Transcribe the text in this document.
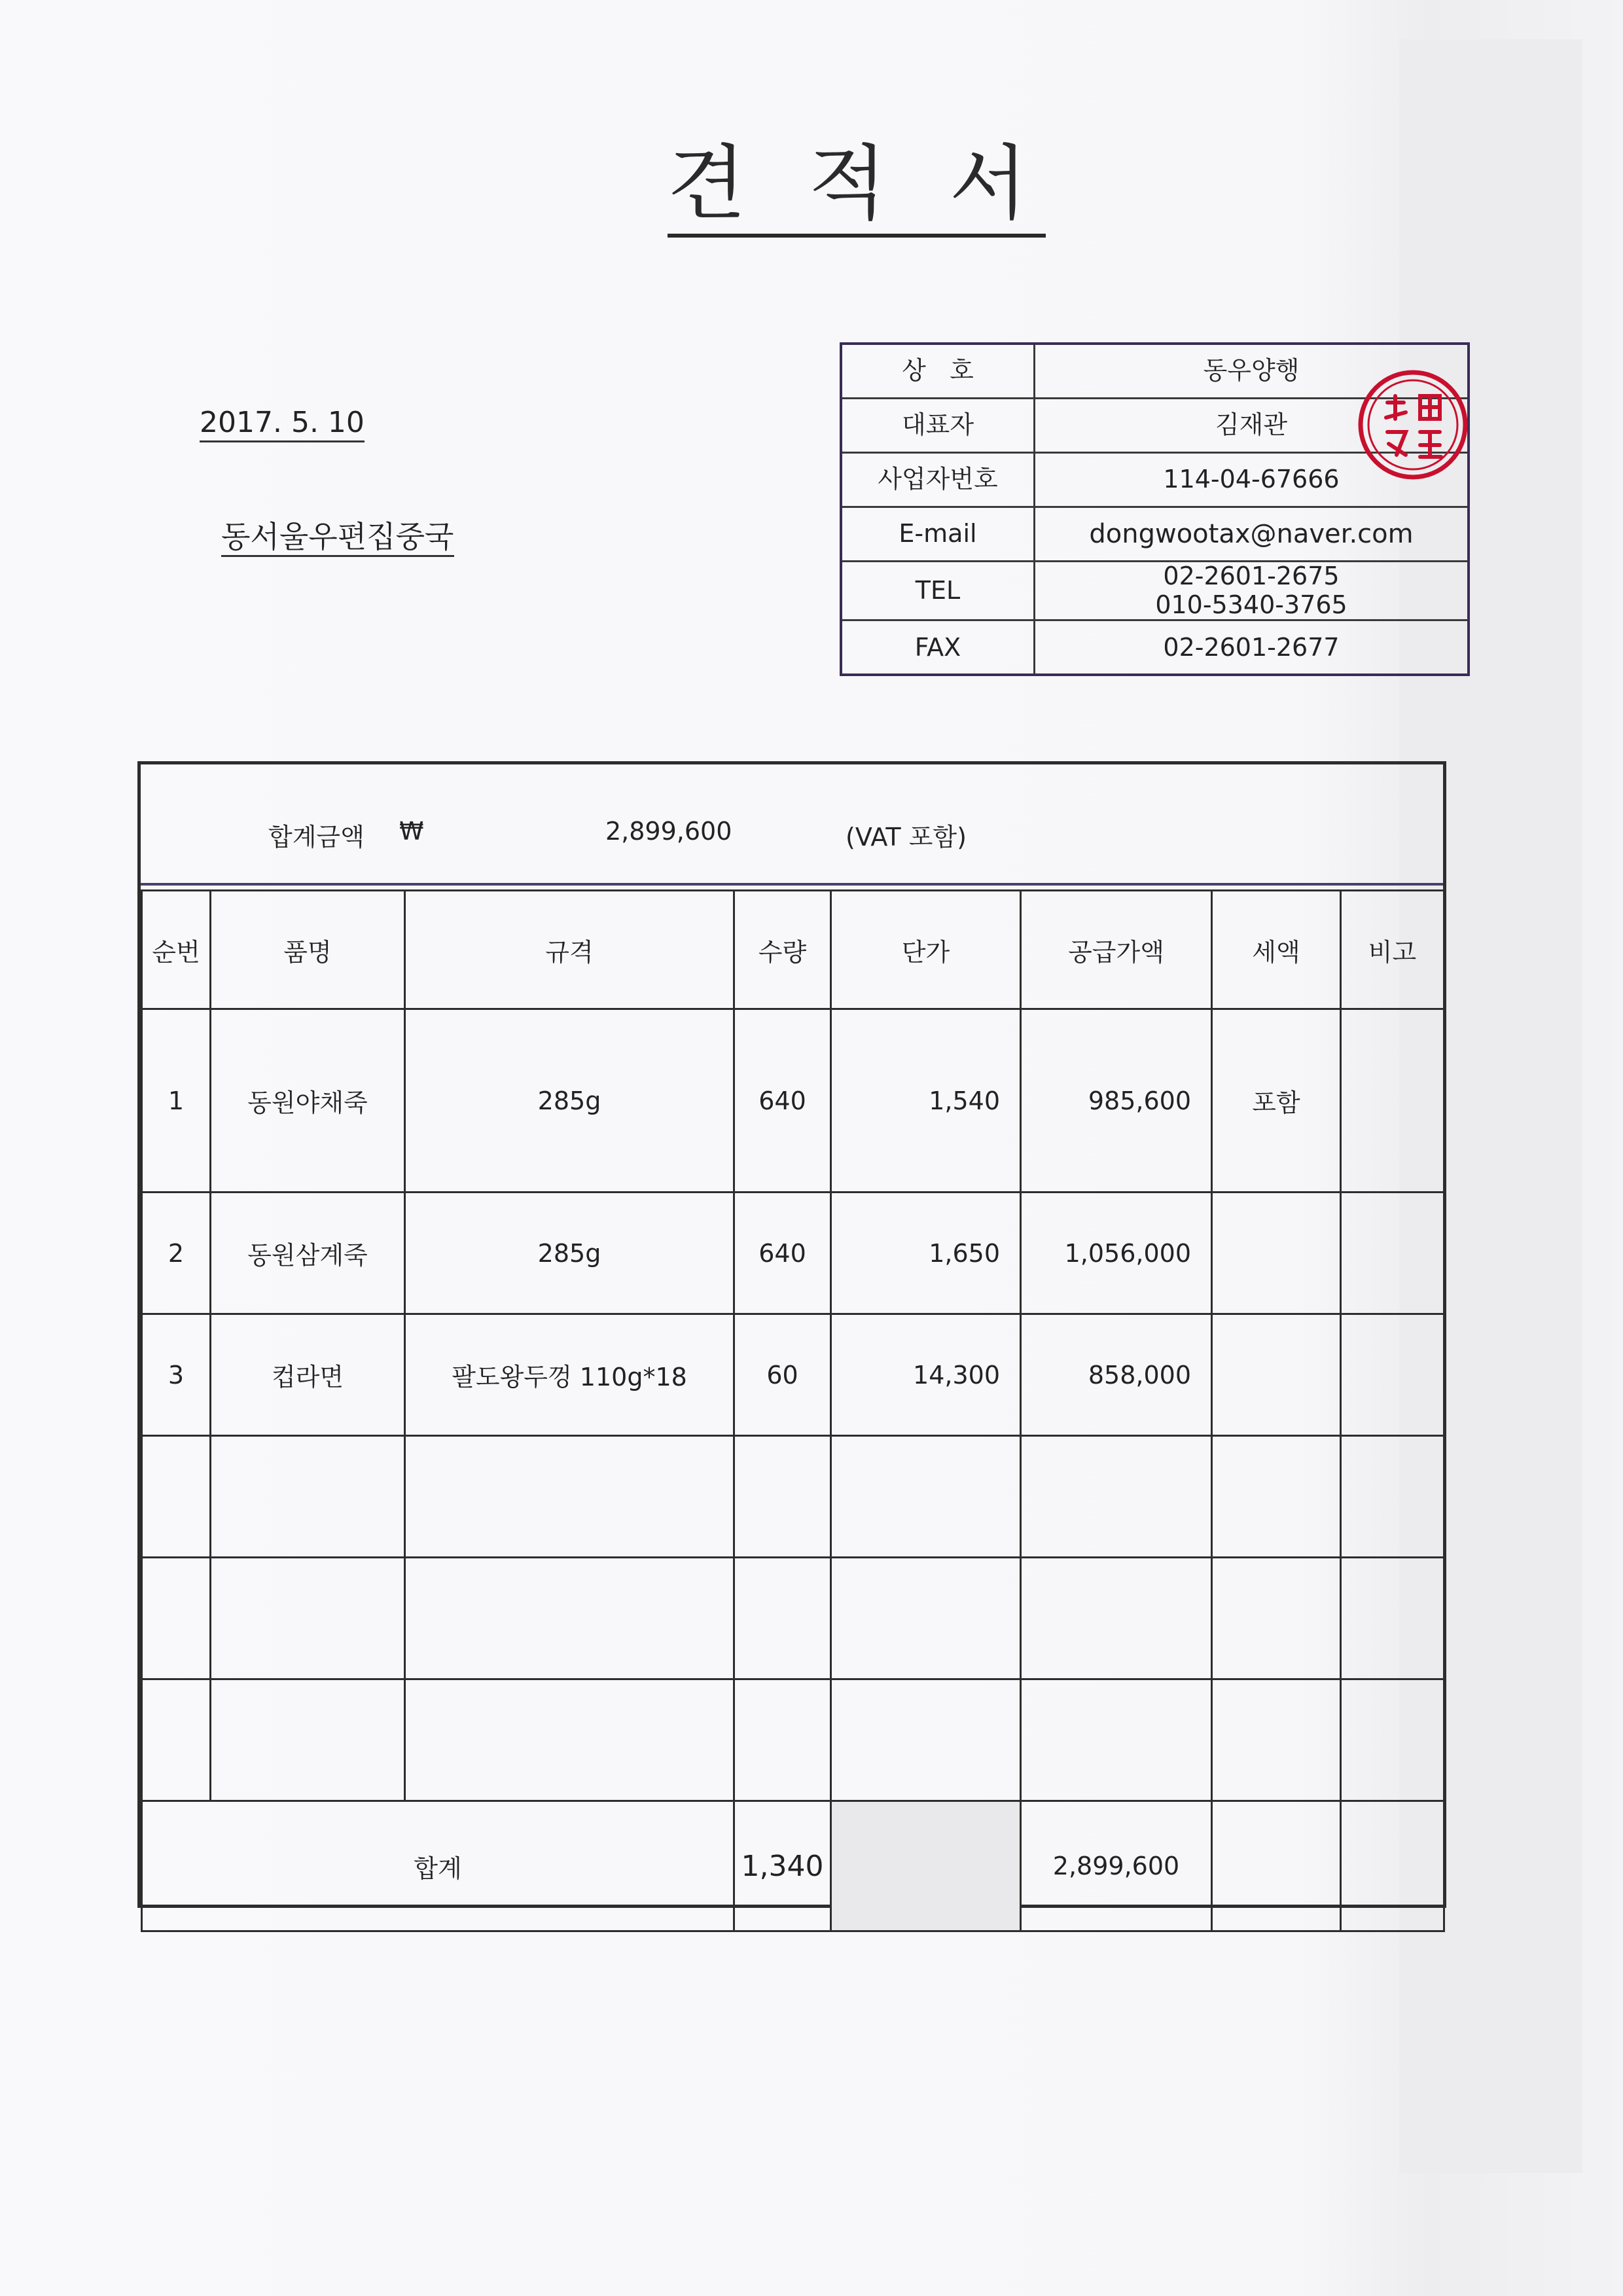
견 적 서
2017. 5. 10
동서울우편집중국
상   호	동우양행
대표자	김재관
사업자번호	114-04-67666
E-mail	dongwootax@naver.com
TEL	02-2601-2675
010-5340-3765

FAX	02-2601-2677
합계금액 ₩	2,899,600	(VAT 포함)
순번	품명	규격	수량	단가	공급가액	세액	비고
1	동원야채죽	285g	640	1,540	985,600	포함	
2	동원삼계죽	285g	640	1,650	1,056,000		
3	컵라면	팔도왕두껑 110g*18	60	14,300	858,000		

합계			1,340		2,899,600		
